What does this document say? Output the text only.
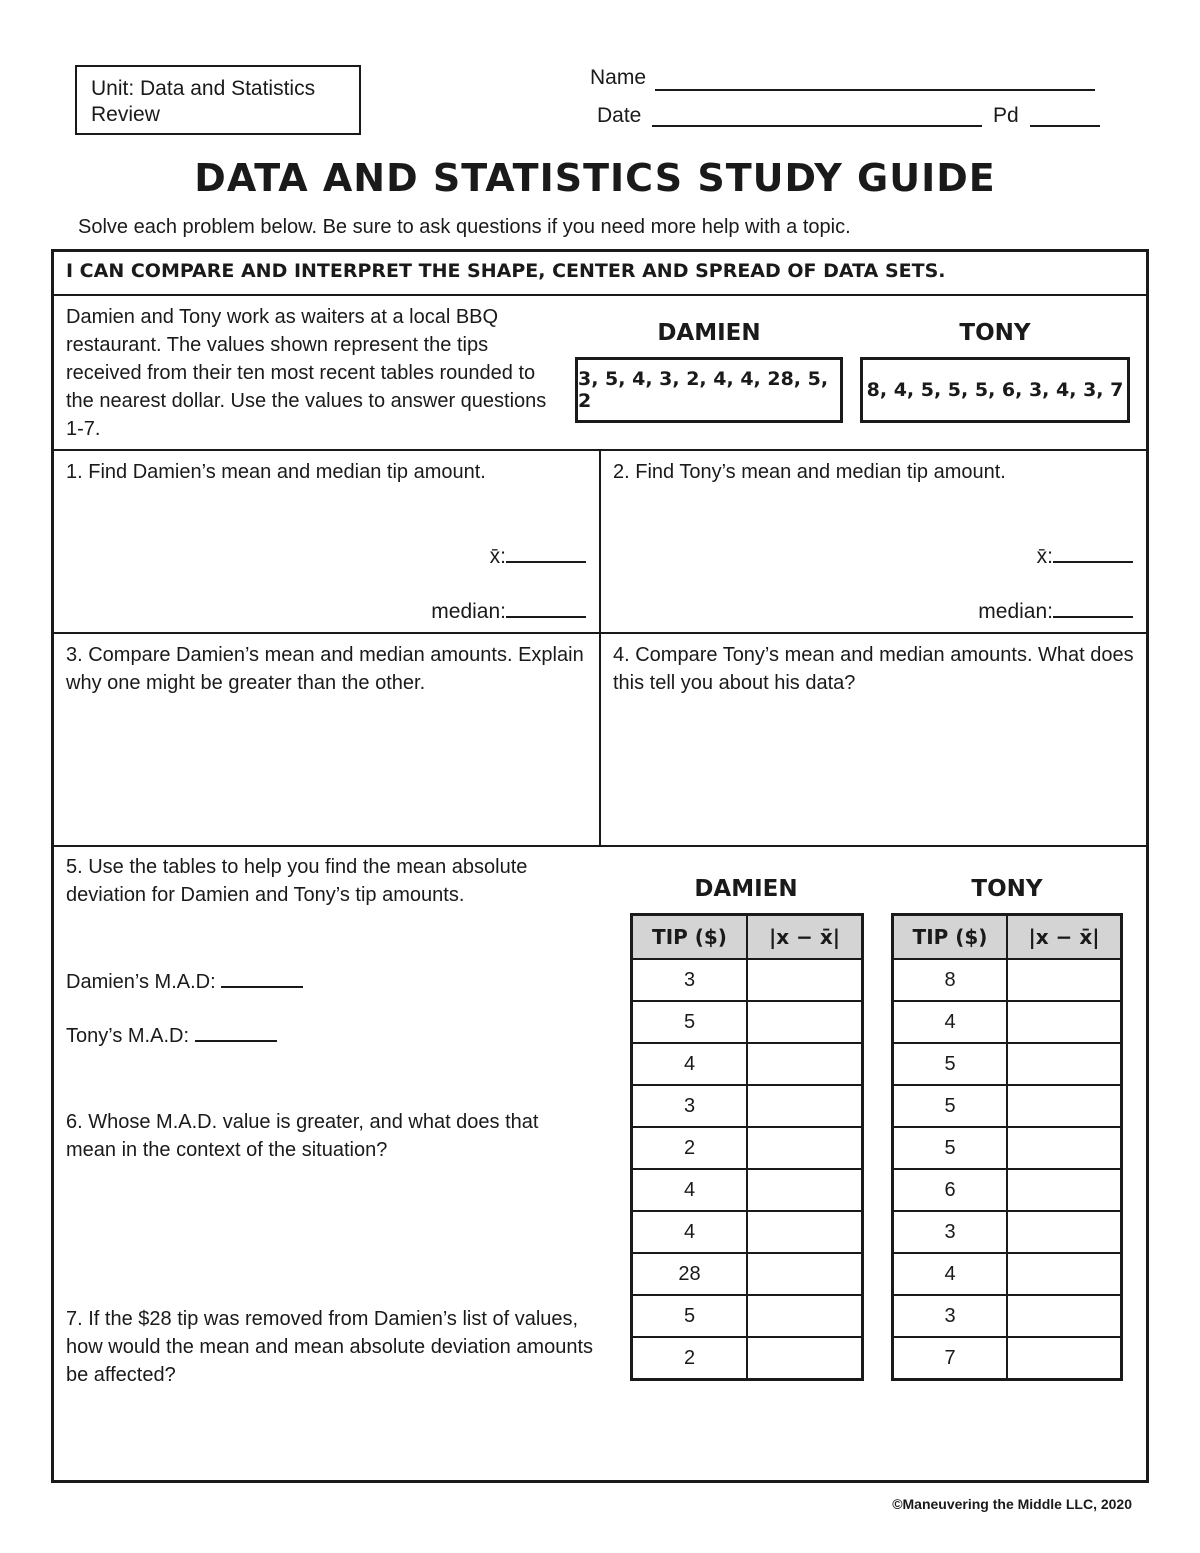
Unit: Data and Statistics
Review
Name
Date	Pd
DATA AND STATISTICS STUDY GUIDE
Solve each problem below. Be sure to ask questions if you need more help with a topic.
I CAN COMPARE AND INTERPRET THE SHAPE, CENTER AND SPREAD OF DATA SETS.
Damien and Tony work as waiters at a local BBQ restaurant. The values shown represent the tips received from their ten most recent tables rounded to the nearest dollar. Use the values to answer questions 1-7.
DAMIEN	TONY
3, 5, 4, 3, 2, 4, 4, 28, 5, 2	8, 4, 5, 5, 5, 6, 3, 4, 3, 7
1. Find Damien’s mean and median tip amount.	2. Find Tony’s mean and median tip amount.
x̄:
median:
x̄:
median:
3. Compare Damien’s mean and median amounts. Explain why one might be greater than the other.
4. Compare Tony’s mean and median amounts. What does this tell you about his data?
5. Use the tables to help you find the mean absolute deviation for Damien and Tony’s tip amounts.
Damien’s M.A.D:
Tony’s M.A.D:
6. Whose M.A.D. value is greater, and what does that mean in the context of the situation?
7. If the $28 tip was removed from Damien’s list of values, how would the mean and mean absolute deviation amounts be affected?
DAMIEN	TONY
TIP ($)	|x − x̄|
3	
5	
4	
3	
2	
4	
4	
28	
5	
2	
TIP ($)	|x − x̄|
8	
4	
5	
5	
5	
6	
3	
4	
3	
7	
©Maneuvering the Middle LLC, 2020
